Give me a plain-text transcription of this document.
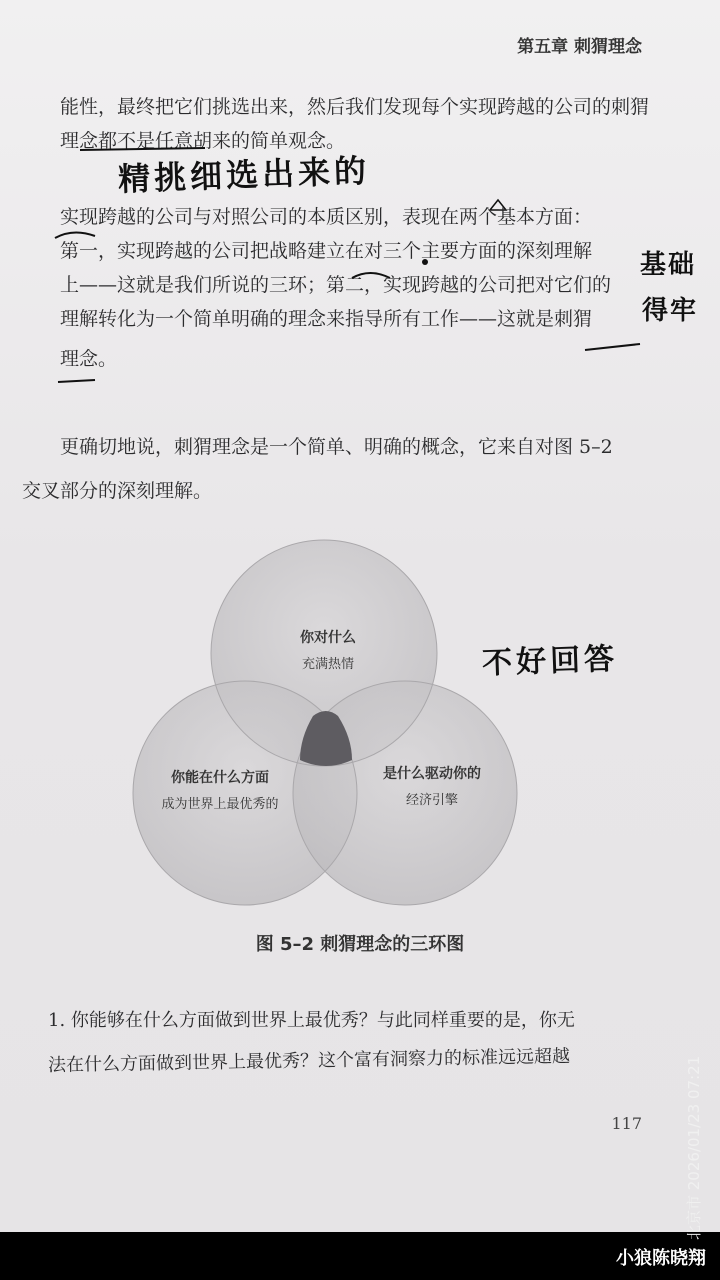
第五章 刺猬理念
能性，最终把它们挑选出来，然后我们发现每个实现跨越的公司的刺猬
理念都不是任意胡来的简单观念。
精挑细选出来的
实现跨越的公司与对照公司的本质区别，表现在两个基本方面：
第一，实现跨越的公司把战略建立在对三个主要方面的深刻理解
上——这就是我们所说的三环；第二，实现跨越的公司把对它们的
理解转化为一个简单明确的理念来指导所有工作——这就是刺猬
理念。
基础
得牢
更确切地说，刺猬理念是一个简单、明确的概念，它来自对图 5–2
交叉部分的深刻理解。
你对什么
充满热情
你能在什么方面
成为世界上最优秀的
是什么驱动你的
经济引擎
不好回答
图 5–2 刺猬理念的三环图
1. 你能够在什么方面做到世界上最优秀？与此同样重要的是，你无
法在什么方面做到世界上最优秀？这个富有洞察力的标准远远超越
117	北京市 2026/01/23 07:21
小狼陈晓翔
